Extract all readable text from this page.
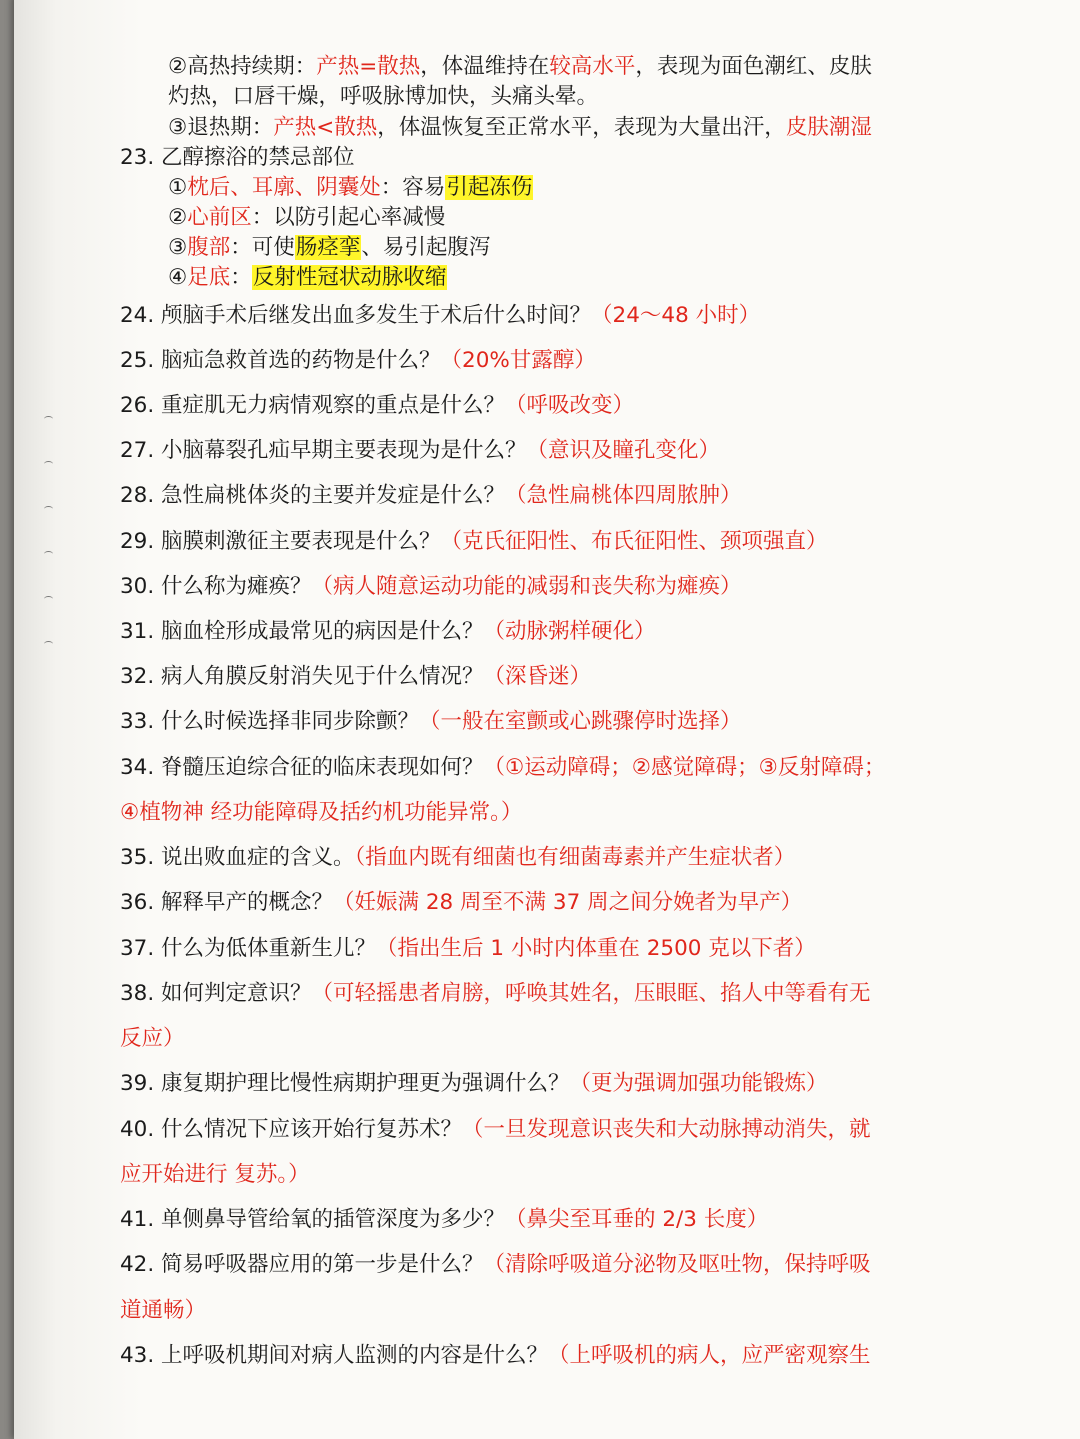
②高热持续期：产热=散热，体温维持在较高水平，表现为面色潮红、皮肤
灼热，口唇干燥，呼吸脉博加快，头痛头晕。
③退热期：产热<散热，体温恢复至正常水平，表现为大量出汗，皮肤潮湿
23. 乙醇擦浴的禁忌部位
①枕后、耳廓、阴囊处：容易引起冻伤
②心前区：以防引起心率减慢
③腹部：可使肠痉挛、易引起腹泻
④足底：反射性冠状动脉收缩
24. 颅脑手术后继发出血多发生于术后什么时间？（24～48 小时）
25. 脑疝急救首选的药物是什么？（20%甘露醇）
26. 重症肌无力病情观察的重点是什么？（呼吸改变）
27. 小脑幕裂孔疝早期主要表现为是什么？（意识及瞳孔变化）
28. 急性扁桃体炎的主要并发症是什么？（急性扁桃体四周脓肿）
29. 脑膜刺激征主要表现是什么？（克氏征阳性、布氏征阳性、颈项强直）
30. 什么称为瘫痪？（病人随意运动功能的减弱和丧失称为瘫痪）
31. 脑血栓形成最常见的病因是什么？（动脉粥样硬化）
32. 病人角膜反射消失见于什么情况？（深昏迷）
33. 什么时候选择非同步除颤？（一般在室颤或心跳骤停时选择）
34. 脊髓压迫综合征的临床表现如何？（①运动障碍；②感觉障碍；③反射障碍；
④植物神 经功能障碍及括约机功能异常。）
35. 说出败血症的含义。（指血内既有细菌也有细菌毒素并产生症状者）
36. 解释早产的概念？（妊娠满 28 周至不满 37 周之间分娩者为早产）
37. 什么为低体重新生儿？（指出生后 1 小时内体重在 2500 克以下者）
38. 如何判定意识？（可轻摇患者肩膀，呼唤其姓名，压眼眶、掐人中等看有无
反应）
39. 康复期护理比慢性病期护理更为强调什么？（更为强调加强功能锻炼）
40. 什么情况下应该开始行复苏术？（一旦发现意识丧失和大动脉搏动消失，就
应开始进行 复苏。）
41. 单侧鼻导管给氧的插管深度为多少？（鼻尖至耳垂的 2/3 长度）
42. 简易呼吸器应用的第一步是什么？（清除呼吸道分泌物及呕吐物，保持呼吸
道通畅）
43. 上呼吸机期间对病人监测的内容是什么？（上呼吸机的病人，应严密观察生
